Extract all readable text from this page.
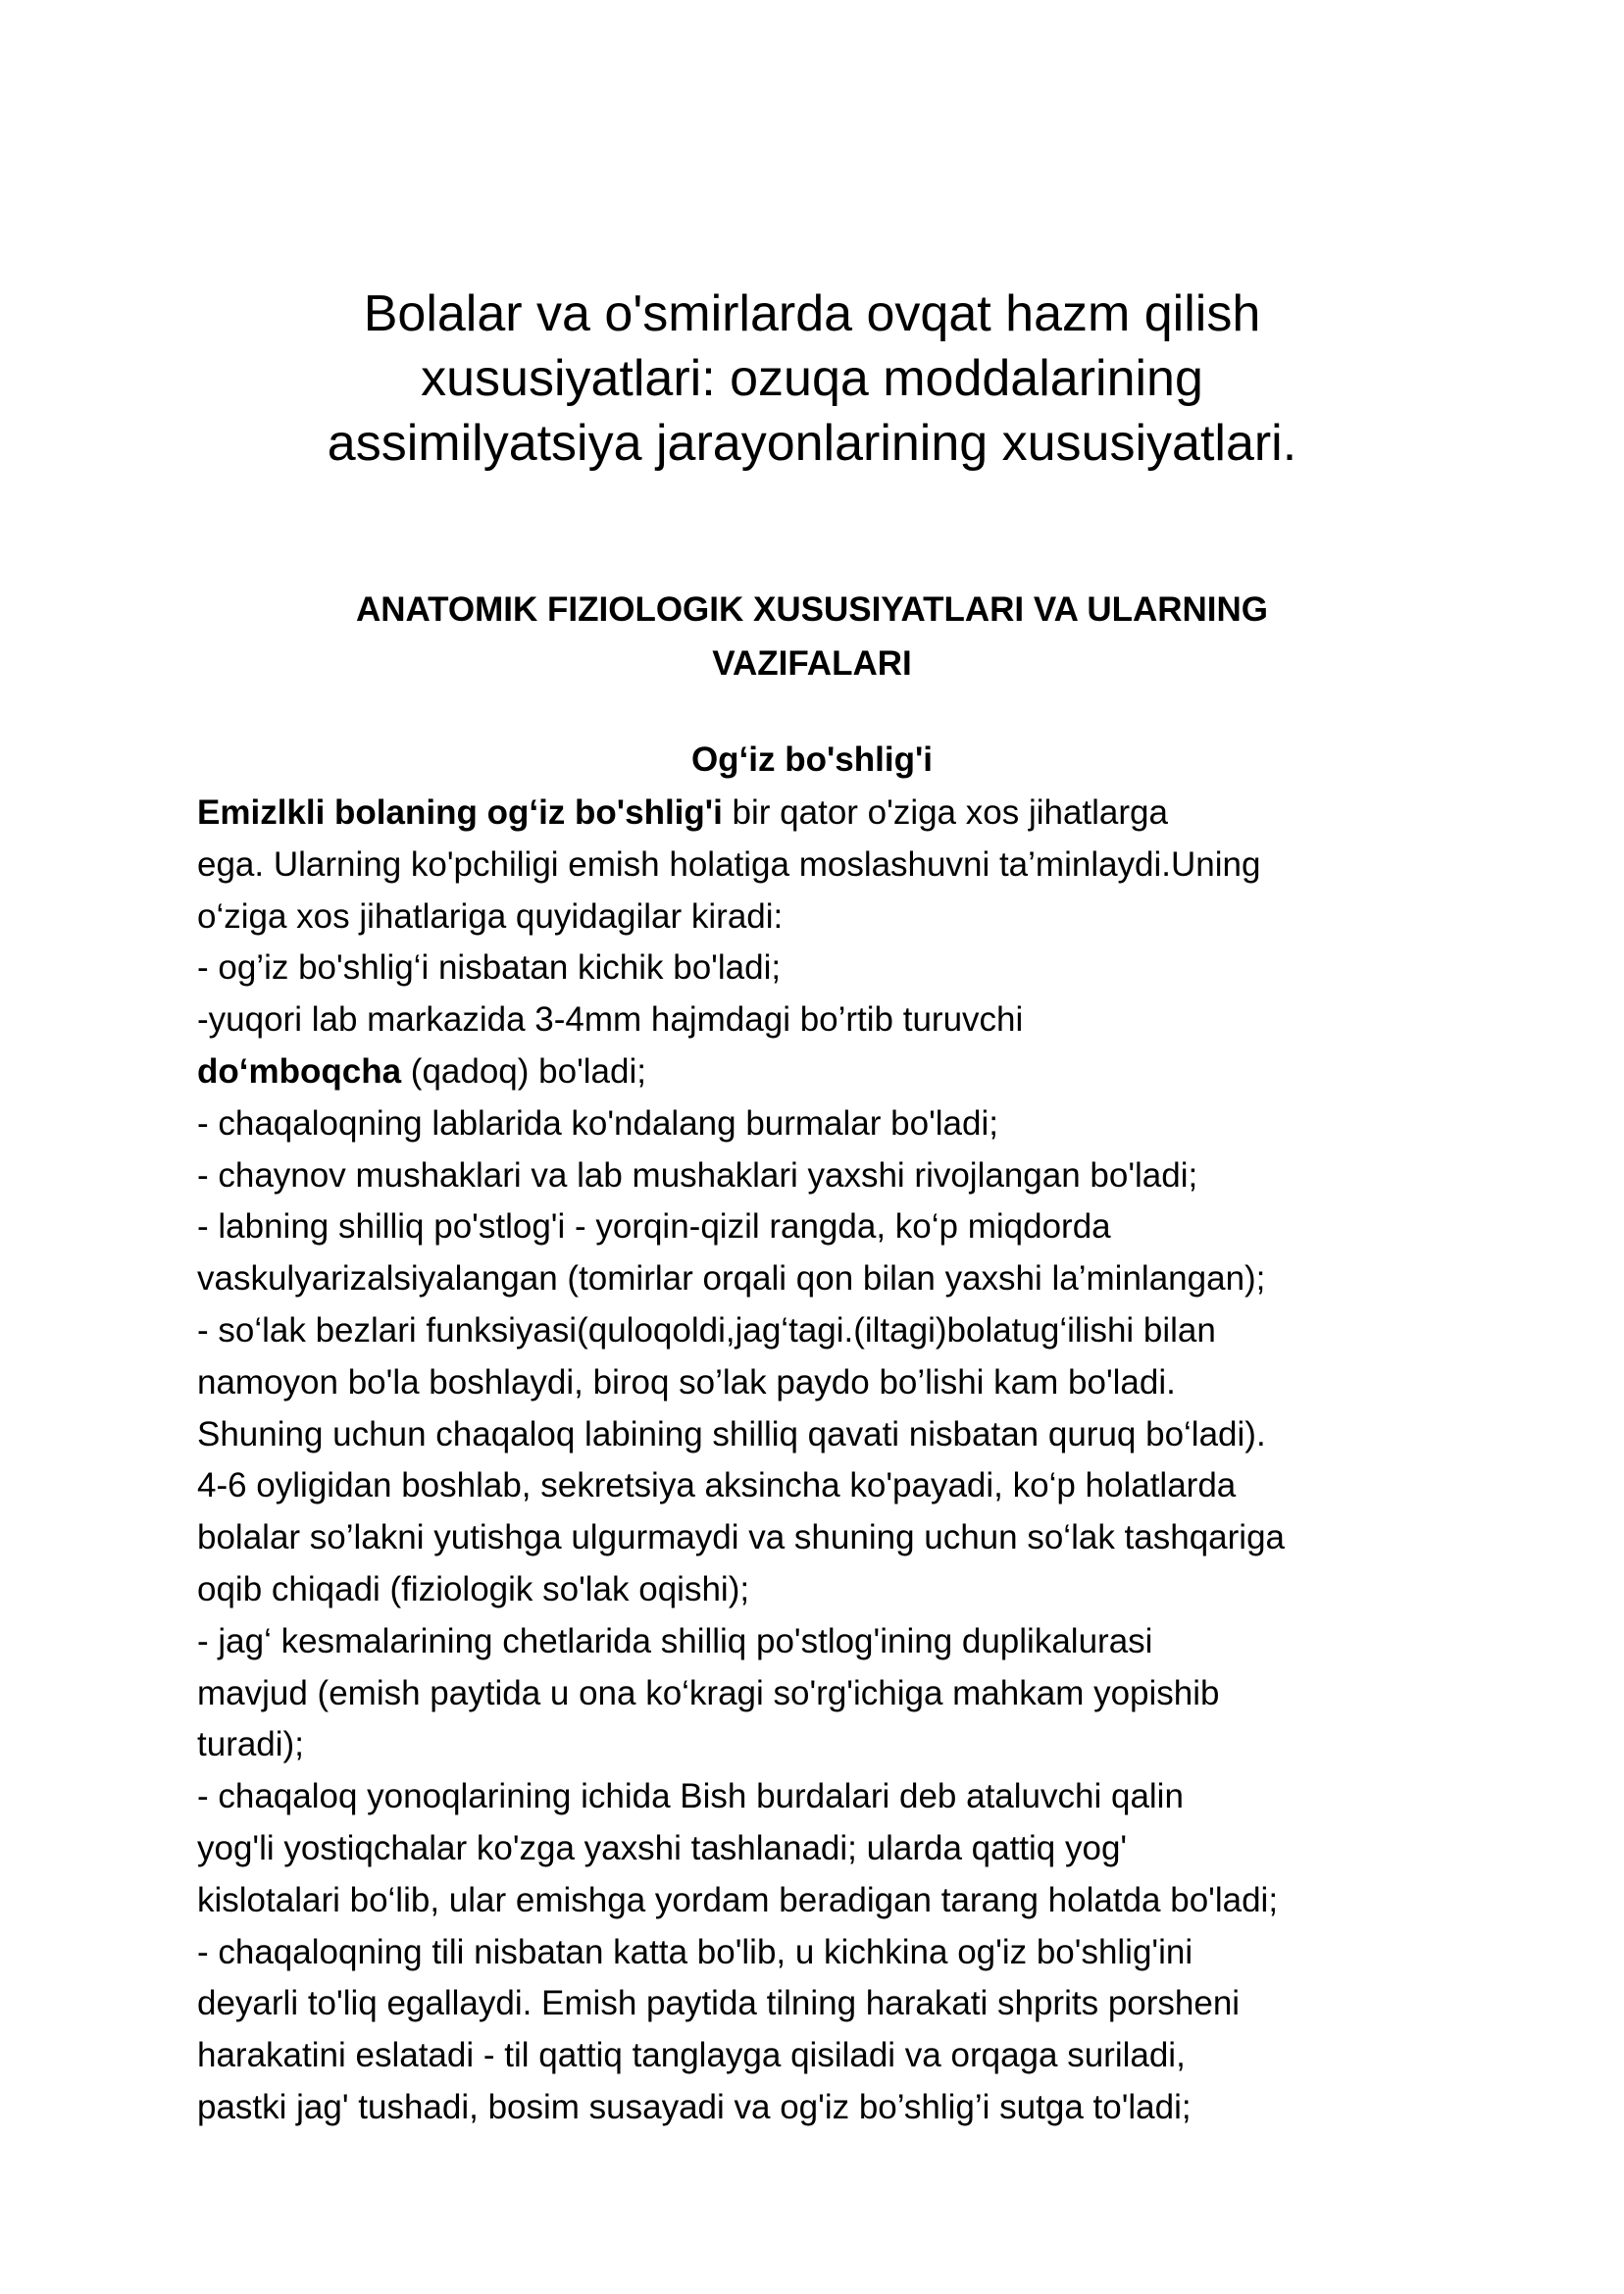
Bolalar va o'smirlarda ovqat hazm qilish
xususiyatlari: ozuqa moddalarining
assimilyatsiya jarayonlarining xususiyatlari.
ANATOMIK FIZIOLOGIK XUSUSIYATLARI VA ULARNING
VAZIFALARI
Og‘iz bo'shlig'i
Emizlkli bolaning og‘iz bo'shlig'i bir qator o'ziga xos jihatlarga
ega. Ularning ko'pchiligi emish holatiga moslashuvni ta’minlaydi.Uning
o‘ziga xos jihatlariga quyidagilar kiradi:
- og’iz bo'shlig‘i nisbatan kichik bo'ladi;
-yuqori lab markazida 3-4mm hajmdagi bo’rtib turuvchi
do‘mboqcha (qadoq) bo'ladi;
- chaqaloqning lablarida ko'ndalang burmalar bo'ladi;
- chaynov mushaklari va lab mushaklari yaxshi rivojlangan bo'ladi;
- labning shilliq po'stlog'i - yorqin-qizil rangda, ko‘p miqdorda
vaskulyarizalsiyalangan (tomirlar orqali qon bilan yaxshi la’minlangan);
- so‘lak bezlari funksiyasi(quloqoldi,jag‘tagi.(iltagi)bolatug‘ilishi bilan
namoyon bo'la boshlaydi, biroq so’lak paydo bo’lishi kam bo'ladi.
Shuning uchun chaqaloq labining shilliq qavati nisbatan quruq bo‘ladi).
4-6 oyligidan boshlab, sekretsiya aksincha ko'payadi, ko‘p holatlarda
bolalar so’lakni yutishga ulgurmaydi va shuning uchun so‘lak tashqariga
oqib chiqadi (fiziologik so'lak oqishi);
- jag‘ kesmalarining chetlarida shilliq po'stlog'ining duplikalurasi
mavjud (emish paytida u ona ko‘kragi so'rg'ichiga mahkam yopishib
turadi);
- chaqaloq yonoqlarining ichida Bish burdalari deb ataluvchi qalin
yog'li yostiqchalar ko'zga yaxshi tashlanadi; ularda qattiq yog'
kislotalari bo‘lib, ular emishga yordam beradigan tarang holatda bo'ladi;
- chaqaloqning tili nisbatan katta bo'lib, u kichkina og'iz bo'shlig'ini
deyarli to'liq egallaydi. Emish paytida tilning harakati shprits porsheni
harakatini eslatadi - til qattiq tanglayga qisiladi va orqaga suriladi,
pastki jag' tushadi, bosim susayadi va og'iz bo’shlig’i sutga to'ladi;
